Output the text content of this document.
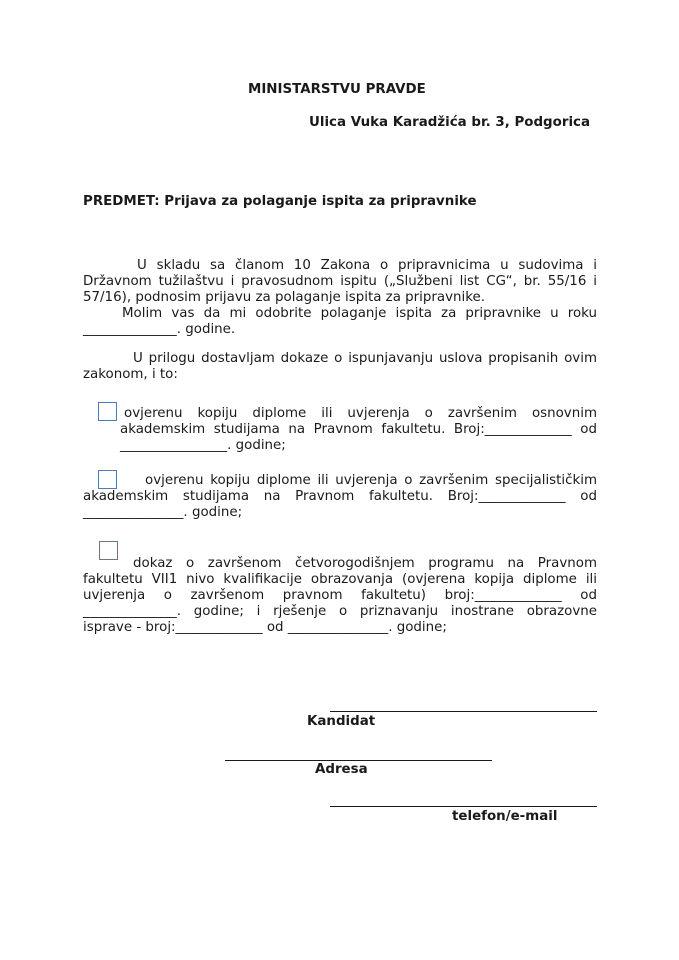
MINISTARSTVU PRAVDE
Ulica Vuka Karadžića br. 3, Podgorica
PREDMET: Prijava za polaganje ispita za pripravnike
U skladu sa članom 10 Zakona o pripravnicima u sudovima i
Državnom tužilaštvu i pravosudnom ispitu („Službeni list CG“, br. 55/16 i
57/16), podnosim prijavu za polaganje ispita za pripravnike.
Molim vas da mi odobrite polaganje ispita za pripravnike u roku
______________. godine.
U prilogu dostavljam dokaze o ispunjavanju uslova propisanih ovim
zakonom, i to:
ovjerenu kopiju diplome ili uvjerenja o završenim osnovnim
akademskim studijama na Pravnom fakultetu. Broj:_____________ od
________________. godine;
ovjerenu kopiju diplome ili uvjerenja o završenim specijalističkim
akademskim studijama na Pravnom fakultetu. Broj:_____________ od
_______________. godine;
dokaz o završenom četvorogodišnjem programu na Pravnom
fakultetu VII1 nivo kvalifikacije obrazovanja (ovjerena kopija diplome ili
uvjerenja o završenom pravnom fakultetu) broj:_____________ od
______________. godine; i rješenje o priznavanju inostrane obrazovne
isprave - broj:_____________ od _______________. godine;
Kandidat
Adresa
telefon/e-mail
